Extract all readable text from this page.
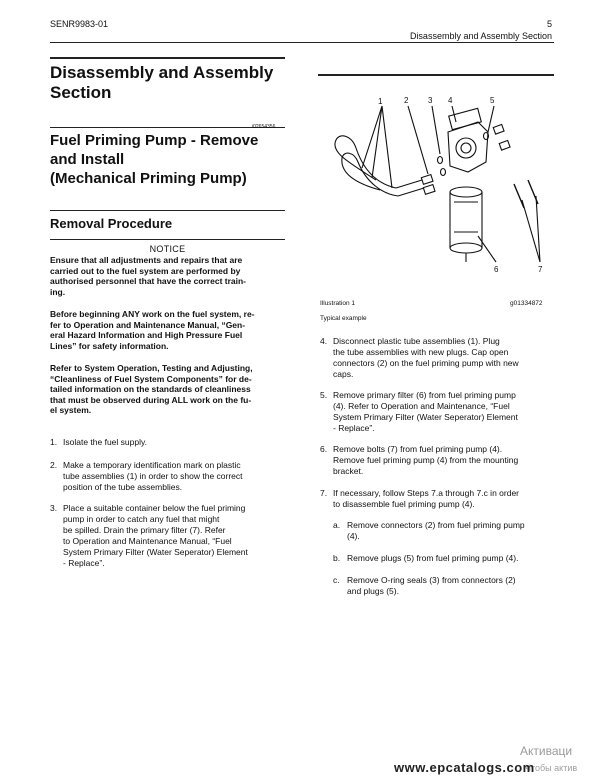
SENR9983-01	5
Disassembly and Assembly Section
Disassembly and Assembly
Section
i02654356
Fuel Priming Pump - Remove
and Install
(Mechanical Priming Pump)
Removal Procedure
NOTICE
Ensure that all adjustments and repairs that are
carried out to the fuel system are performed by
authorised personnel that have the correct train-
ing.
Before beginning ANY work on the fuel system, re-
fer to Operation and Maintenance Manual, “Gen-
eral Hazard Information and High Pressure Fuel
Lines” for safety information.
Refer to System Operation, Testing and Adjusting,
“Cleanliness of Fuel System Components” for de-
tailed information on the standards of cleanliness
that must be observed during ALL work on the fu-
el system.
1. Isolate the fuel supply.
2. Make a temporary identification mark on plastic
tube assemblies (1) in order to show the correct
position of the tube assemblies.
3. Place a suitable container below the fuel priming
pump in order to catch any fuel that might
be spilled. Drain the primary filter (7). Refer
to Operation and Maintenance Manual, “Fuel
System Primary Filter (Water Seperator) Element
- Replace”.
1	2 3 4	5
6	7
Illustration 1	g01334872
Typical example
4. Disconnect plastic tube assemblies (1). Plug
the tube assemblies with new plugs. Cap open
connectors (2) on the fuel priming pump with new
caps.
5. Remove primary filter (6) from fuel priming pump
(4). Refer to Operation and Maintenance, “Fuel
System Primary Filter (Water Seperator) Element
- Replace”.
6. Remove bolts (7) from fuel priming pump (4).
Remove fuel priming pump (4) from the mounting
bracket.
7. If necessary, follow Steps 7.a through 7.c in order
to disassemble fuel priming pump (4).
a. Remove connectors (2) from fuel priming pump
(4).
b. Remove plugs (5) from fuel priming pump (4).
c. Remove O-ring seals (3) from connectors (2)
and plugs (5).
Активаци
Чтобы актив
www.epcatalogs.com
